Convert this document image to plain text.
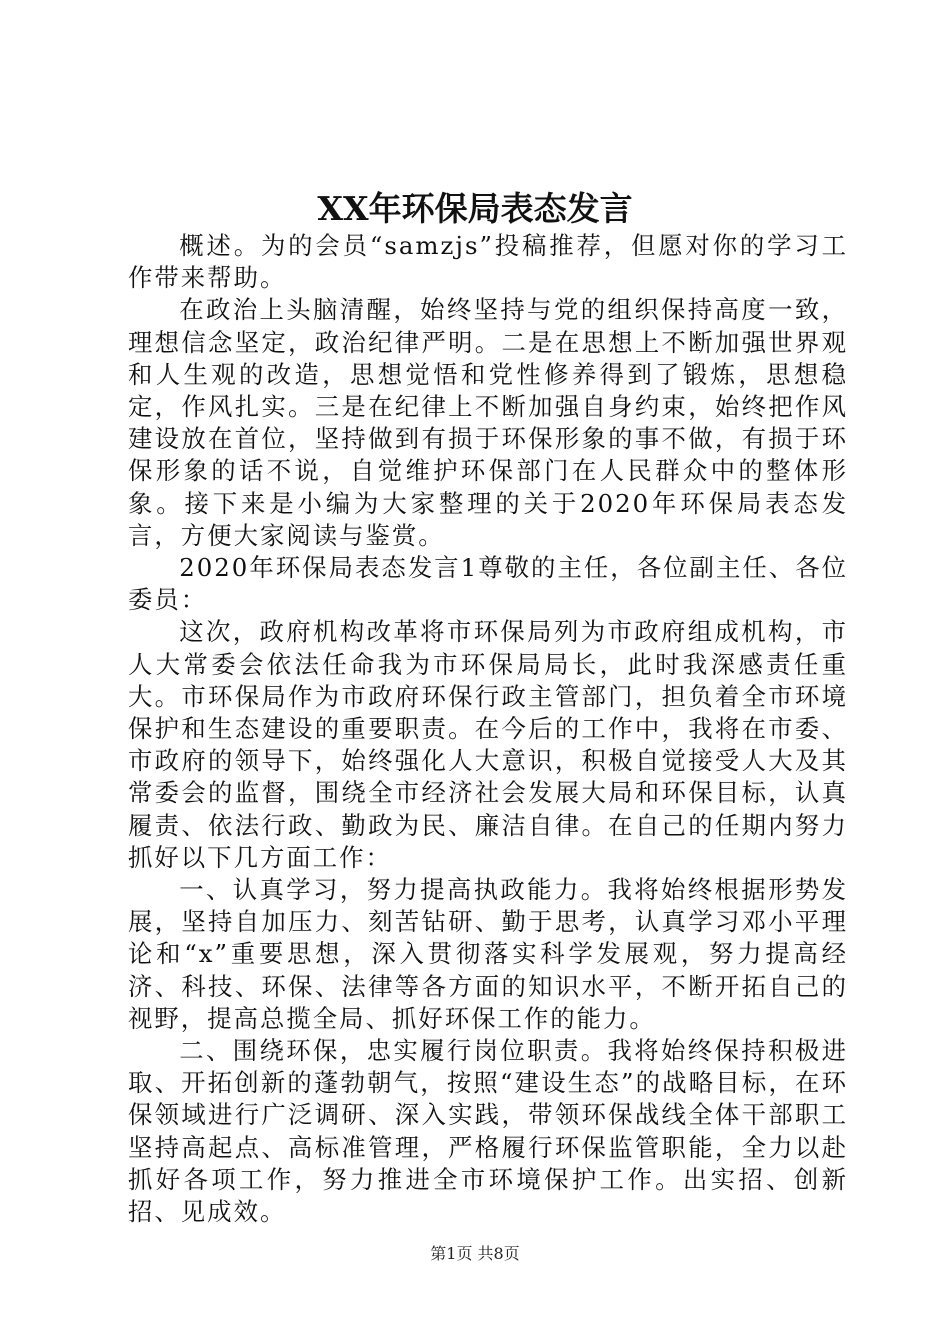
XX年环保局表态发言

概述。为的会员“samzjs”投稿推荐，但愿对你的学习工作带来帮助。

在政治上头脑清醒，始终坚持与党的组织保持高度一致，理想信念坚定，政治纪律严明。二是在思想上不断加强世界观和人生观的改造，思想觉悟和党性修养得到了锻炼，思想稳定，作风扎实。三是在纪律上不断加强自身约束，始终把作风建设放在首位，坚持做到有损于环保形象的事不做，有损于环保形象的话不说，自觉维护环保部门在人民群众中的整体形象。接下来是小编为大家整理的关于2020年环保局表态发言，方便大家阅读与鉴赏。

2020年环保局表态发言1尊敬的主任，各位副主任、各位委员：

这次，政府机构改革将市环保局列为市政府组成机构，市人大常委会依法任命我为市环保局局长，此时我深感责任重大。市环保局作为市政府环保行政主管部门，担负着全市环境保护和生态建设的重要职责。在今后的工作中，我将在市委、市政府的领导下，始终强化人大意识，积极自觉接受人大及其常委会的监督，围绕全市经济社会发展大局和环保目标，认真履责、依法行政、勤政为民、廉洁自律。在自己的任期内努力抓好以下几方面工作：

一、认真学习，努力提高执政能力。我将始终根据形势发展，坚持自加压力、刻苦钻研、勤于思考，认真学习邓小平理论和“x”重要思想，深入贯彻落实科学发展观，努力提高经济、科技、环保、法律等各方面的知识水平，不断开拓自己的视野，提高总揽全局、抓好环保工作的能力。

二、围绕环保，忠实履行岗位职责。我将始终保持积极进取、开拓创新的蓬勃朝气，按照“建设生态”的战略目标，在环保领域进行广泛调研、深入实践，带领环保战线全体干部职工坚持高起点、高标准管理，严格履行环保监管职能，全力以赴抓好各项工作，努力推进全市环境保护工作。出实招、创新招、见成效。

第1页 共8页
